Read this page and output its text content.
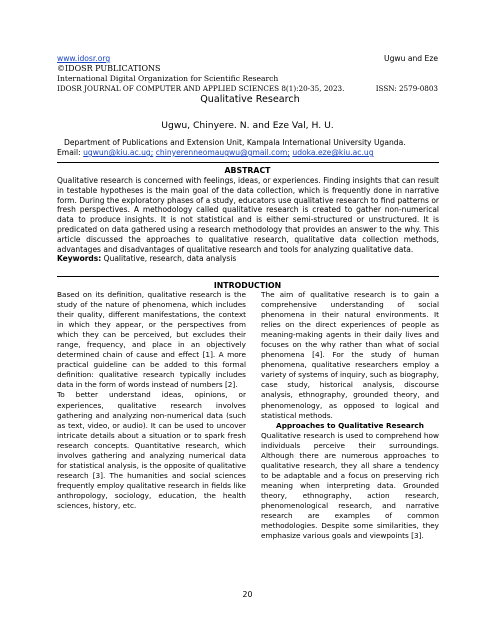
www.idosr.org	Ugwu and Eze
©IDOSR PUBLICATIONS
International Digital Organization for Scientific Research
IDOSR JOURNAL OF COMPUTER AND APPLIED SCIENCES 8(1):20-35, 2023.	ISSN: 2579-0803
Qualitative Research
Ugwu, Chinyere. N. and Eze Val, H. U.
Department of Publications and Extension Unit, Kampala International University Uganda.
Email: ugwun@kiu.ac.ug; chinyerenneomaugwu@gmail.com; udoka.eze@kiu.ac.ug
ABSTRACT

Qualitative research is concerned with feelings, ideas, or experiences. Finding insights that can result in testable hypotheses is the main goal of the data collection, which is frequently done in narrative form. During the exploratory phases of a study, educators use qualitative research to find patterns or fresh perspectives. A methodology called qualitative research is created to gather non-numerical data to produce insights. It is not statistical and is either semi-structured or unstructured. It is predicated on data gathered using a research methodology that provides an answer to the why. This article discussed the approaches to qualitative research, qualitative data collection methods, advantages and disadvantages of qualitative research and tools for analyzing qualitative data.

Keywords: Qualitative, research, data analysis

INTRODUCTION

Based on its definition, qualitative research is the study of the nature of phenomena, which includes their quality, different manifestations, the context in which they appear, or the perspectives from which they can be perceived, but excludes their range, frequency, and place in an objectively determined chain of cause and effect [1]. A more practical guideline can be added to this formal definition: qualitative research typically includes data in the form of words instead of numbers [2].

To better understand ideas, opinions, or experiences, qualitative research involves gathering and analyzing non-numerical data (such as text, video, or audio). It can be used to uncover intricate details about a situation or to spark fresh research concepts. Quantitative research, which involves gathering and analyzing numerical data for statistical analysis, is the opposite of qualitative research [3]. The humanities and social sciences frequently employ qualitative research in fields like anthropology, sociology, education, the health sciences, history, etc.

The aim of qualitative research is to gain a comprehensive understanding of social phenomena in their natural environments. It relies on the direct experiences of people as meaning-making agents in their daily lives and focuses on the why rather than what of social phenomena [4]. For the study of human phenomena, qualitative researchers employ a variety of systems of inquiry, such as biography, case study, historical analysis, discourse analysis, ethnography, grounded theory, and phenomenology, as opposed to logical and statistical methods.

Approaches to Qualitative Research

Qualitative research is used to comprehend how individuals perceive their surroundings. Although there are numerous approaches to qualitative research, they all share a tendency to be adaptable and a focus on preserving rich meaning when interpreting data. Grounded theory, ethnography, action research, phenomenological research, and narrative research are examples of common methodologies. Despite some similarities, they emphasize various goals and viewpoints [3].

20
